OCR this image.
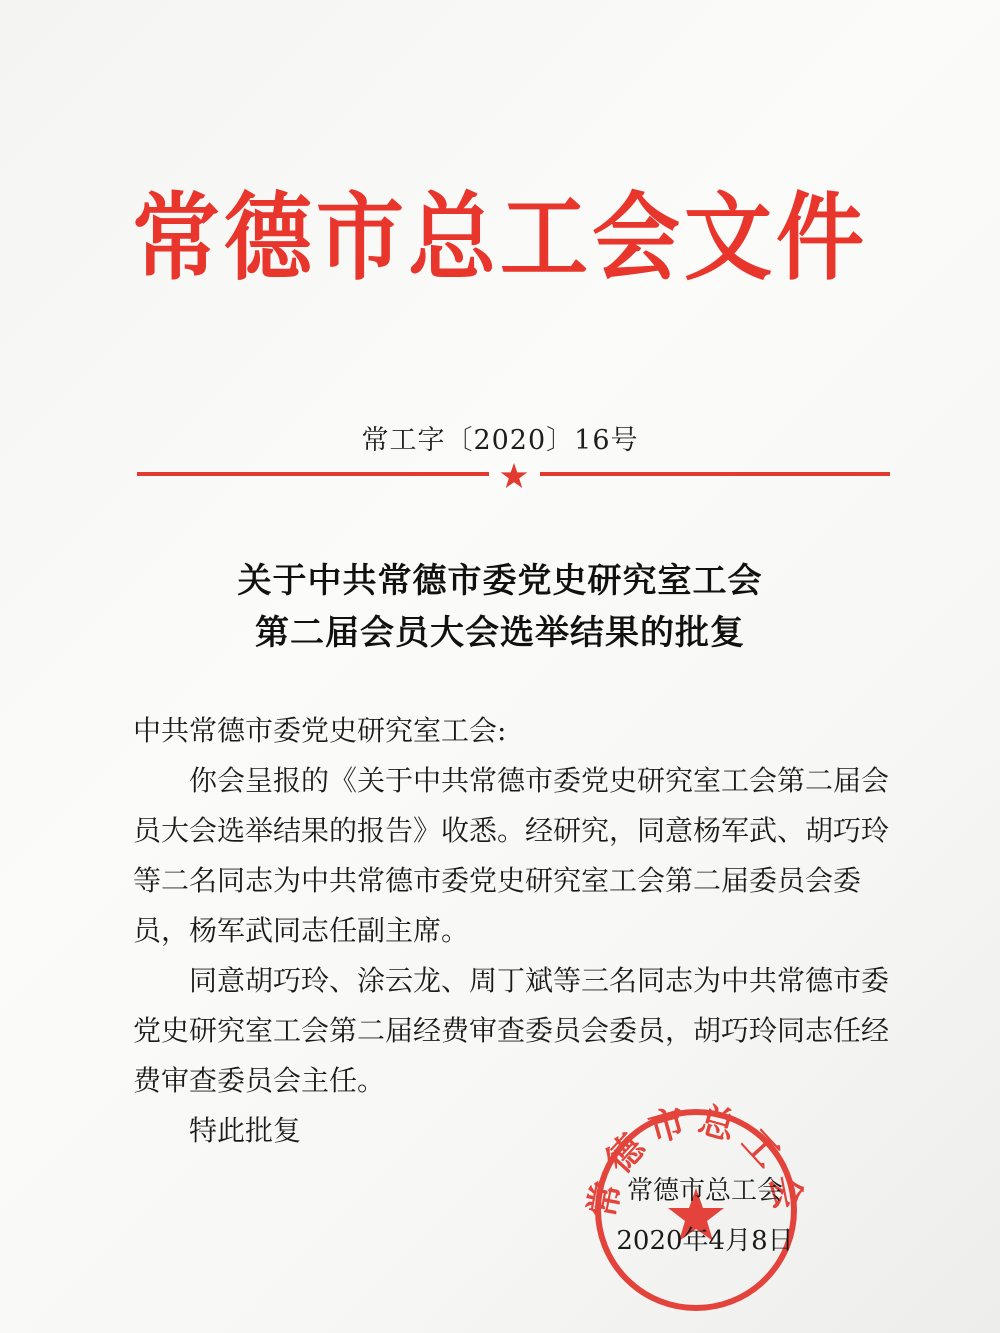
常德市总工会文件
常工字〔2020〕16号
关于中共常德市委党史研究室工会
第二届会员大会选举结果的批复

中共常德市委党史研究室工会:

你会呈报的《关于中共常德市委党史研究室工会第二届会员大会选举结果的报告》收悉。经研究，同意杨军武、胡巧玲等二名同志为中共常德市委党史研究室工会第二届委员会委员，杨军武同志任副主席。

同意胡巧玲、涂云龙、周丁斌等三名同志为中共常德市委党史研究室工会第二届经费审查委员会委员，胡巧玲同志任经费审查委员会主任。

特此批复

常德市总工会
常德市总工会
2020年4月8日
